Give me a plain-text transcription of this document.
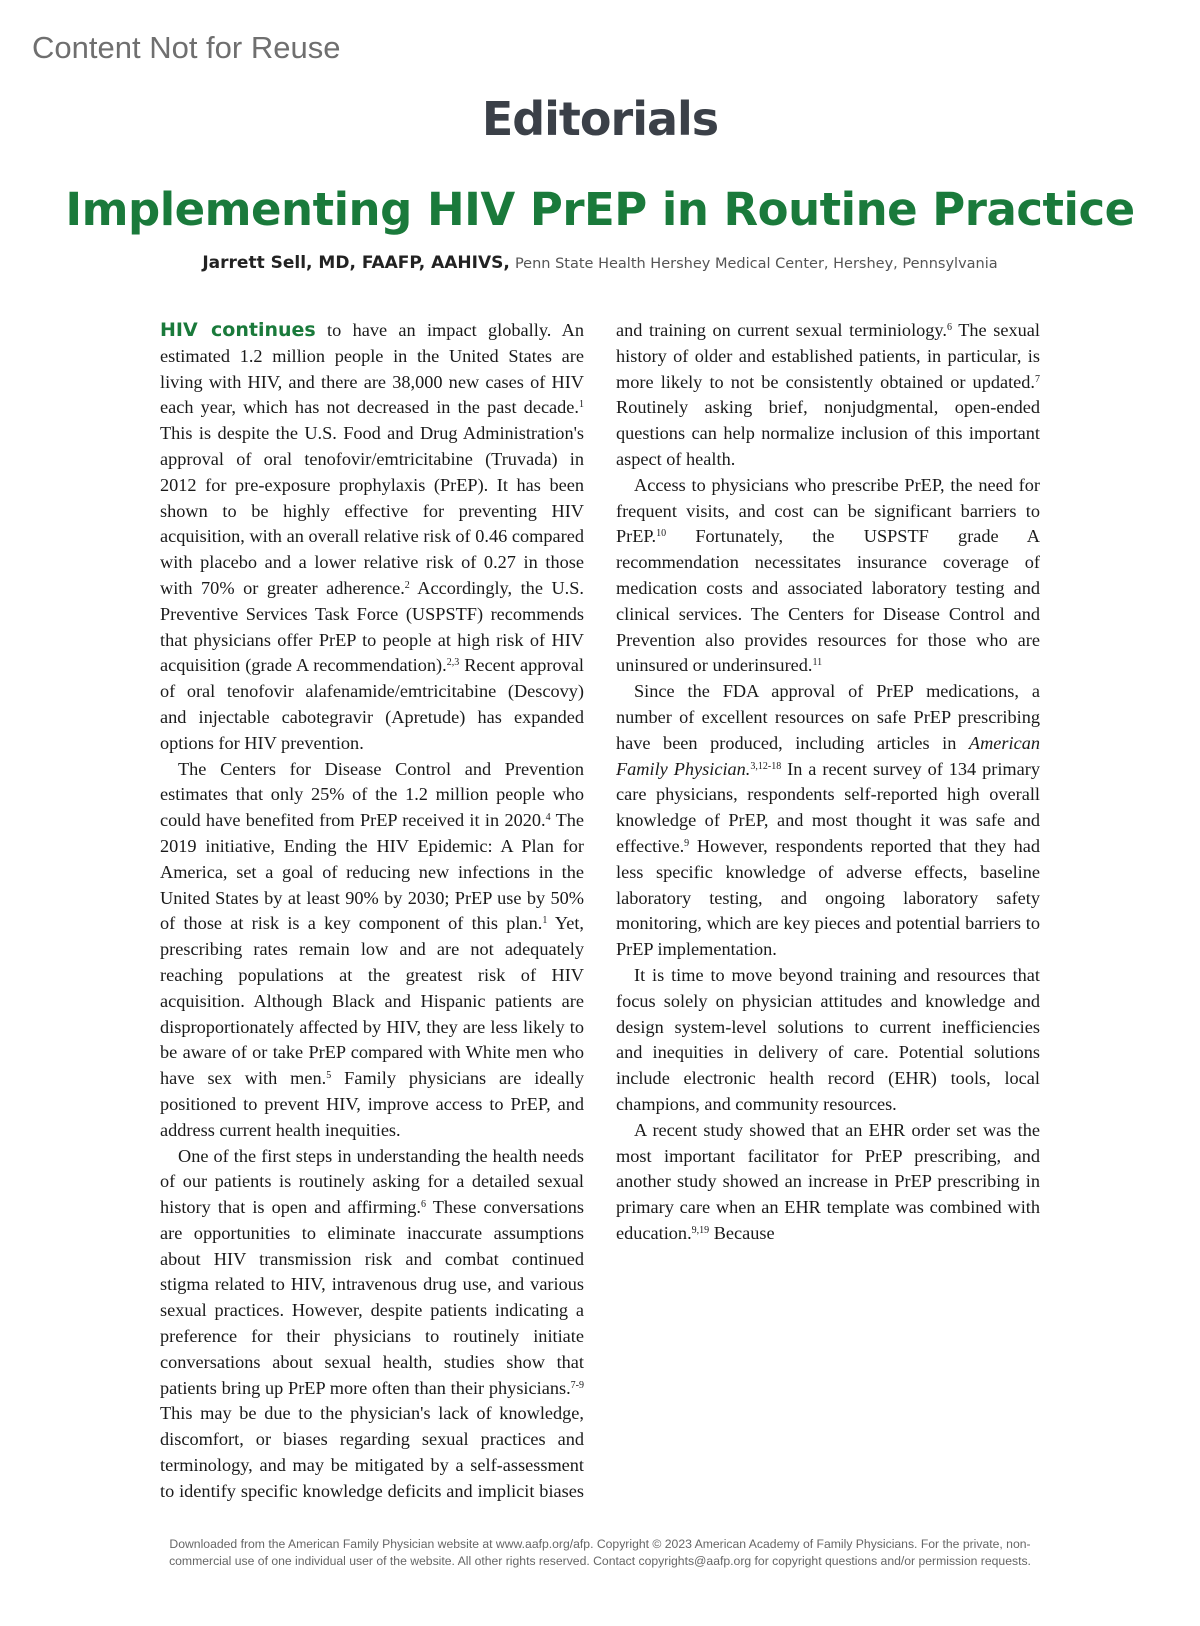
Content Not for Reuse
Editorials
Implementing HIV PrEP in Routine Practice
Jarrett Sell, MD, FAAFP, AAHIVS, Penn State Health Hershey Medical Center, Hershey, Pennsylvania

HIV continues to have an impact globally. An estimated 1.2 million people in the United States are living with HIV, and there are 38,000 new cases of HIV each year, which has not decreased in the past decade.$^1$ This is despite the U.S. Food and Drug Administration's approval of oral tenofovir/emtricitabine (Truvada) in 2012 for pre-exposure prophylaxis (PrEP). It has been shown to be highly effective for preventing HIV acquisition, with an overall relative risk of 0.46 compared with placebo and a lower relative risk of 0.27 in those with 70% or greater adherence.$^2$ Accordingly, the U.S. Preventive Services Task Force (USPSTF) recommends that physicians offer PrEP to people at high risk of HIV acquisition (grade A recommendation).$^{2,3}$ Recent approval of oral tenofovir alafenamide/emtricitabine (Descovy) and injectable cabotegravir (Apretude) has expanded options for HIV prevention.

The Centers for Disease Control and Prevention estimates that only 25% of the 1.2 million people who could have benefited from PrEP received it in 2020.$^4$ The 2019 initiative, Ending the HIV Epidemic: A Plan for America, set a goal of reducing new infections in the United States by at least 90% by 2030; PrEP use by 50% of those at risk is a key component of this plan.$^1$ Yet, prescribing rates remain low and are not adequately reaching populations at the greatest risk of HIV acquisition. Although Black and Hispanic patients are disproportionately affected by HIV, they are less likely to be aware of or take PrEP compared with White men who have sex with men.$^5$ Family physicians are ideally positioned to prevent HIV, improve access to PrEP, and address current health inequities.

One of the first steps in understanding the health needs of our patients is routinely asking for a detailed sexual history that is open and affirming.$^6$ These conversations are opportunities to eliminate inaccurate assumptions about HIV transmission risk and combat continued stigma related to HIV, intravenous drug use, and various sexual practices. However, despite patients indicating a preference for their physicians to routinely initiate conversations about sexual health, studies show that patients bring up PrEP more often than their physicians.$^{7-9}$ This may be due to the physician's lack of knowledge, discomfort, or biases regarding sexual practices and terminology, and may be mitigated by a self-assessment to identify specific knowledge deficits and implicit biases and training on current sexual terminiology.$^6$ The sexual history of older and established patients, in particular, is more likely to not be consistently obtained or updated.$^7$ Routinely asking brief, nonjudgmental, open-ended questions can help normalize inclusion of this important aspect of health.

Access to physicians who prescribe PrEP, the need for frequent visits, and cost can be significant barriers to PrEP.$^{10}$ Fortunately, the USPSTF grade A recommendation necessitates insurance coverage of medication costs and associated laboratory testing and clinical services. The Centers for Disease Control and Prevention also provides resources for those who are uninsured or underinsured.$^{11}$

Since the FDA approval of PrEP medications, a number of excellent resources on safe PrEP prescribing have been produced, including articles in American Family Physician.$^{3,12-18}$ In a recent survey of 134 primary care physicians, respondents self-reported high overall knowledge of PrEP, and most thought it was safe and effective.$^9$ However, respondents reported that they had less specific knowledge of adverse effects, baseline laboratory testing, and ongoing laboratory safety monitoring, which are key pieces and potential barriers to PrEP implementation.

It is time to move beyond training and resources that focus solely on physician attitudes and knowledge and design system-level solutions to current inefficiencies and inequities in delivery of care. Potential solutions include electronic health record (EHR) tools, local champions, and community resources.

A recent study showed that an EHR order set was the most important facilitator for PrEP prescribing, and another study showed an increase in PrEP prescribing in primary care when an EHR template was combined with education.$^{9,19}$ Because

Downloaded from the American Family Physician website at www.aafp.org/afp. Copyright © 2023 American Academy of Family Physicians. For the private, non-
commercial use of one individual user of the website. All other rights reserved. Contact copyrights@aafp.org for copyright questions and/or permission requests.
